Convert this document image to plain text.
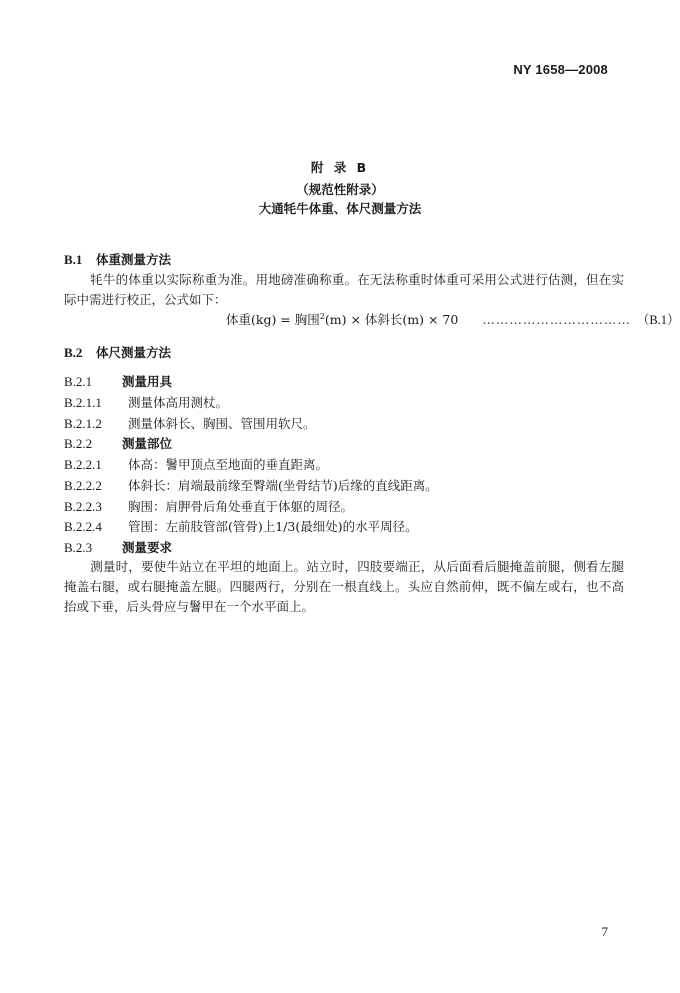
NY 1658—2008
附 录 B
（规范性附录）
大通牦牛体重、体尺测量方法
B.1 体重测量方法
牦牛的体重以实际称重为准。用地磅准确称重。在无法称重时体重可采用公式进行估测，但在实际中需进行校正，公式如下：
体重(kg) = 胸围$^2$(m) × 体斜长(m) × 70 …………………………… （B.1）
B.2 体尺测量方法
B.2.1 测量用具
B.2.1.1 测量体高用测杖。
B.2.1.2 测量体斜长、胸围、管围用软尺。
B.2.2 测量部位
B.2.2.1 体高：鬐甲顶点至地面的垂直距离。
B.2.2.2 体斜长：肩端最前缘至臀端(坐骨结节)后缘的直线距离。
B.2.2.3 胸围：肩胛骨后角处垂直于体躯的周径。
B.2.2.4 管围：左前肢管部(管骨)上1/3(最细处)的水平周径。
B.2.3 测量要求
测量时，要使牛站立在平坦的地面上。站立时，四肢要端正，从后面看后腿掩盖前腿，侧看左腿掩盖右腿，或右腿掩盖左腿。四腿两行，分别在一根直线上。头应自然前伸，既不偏左或右，也不高抬或下垂，后头骨应与鬐甲在一个水平面上。
7
